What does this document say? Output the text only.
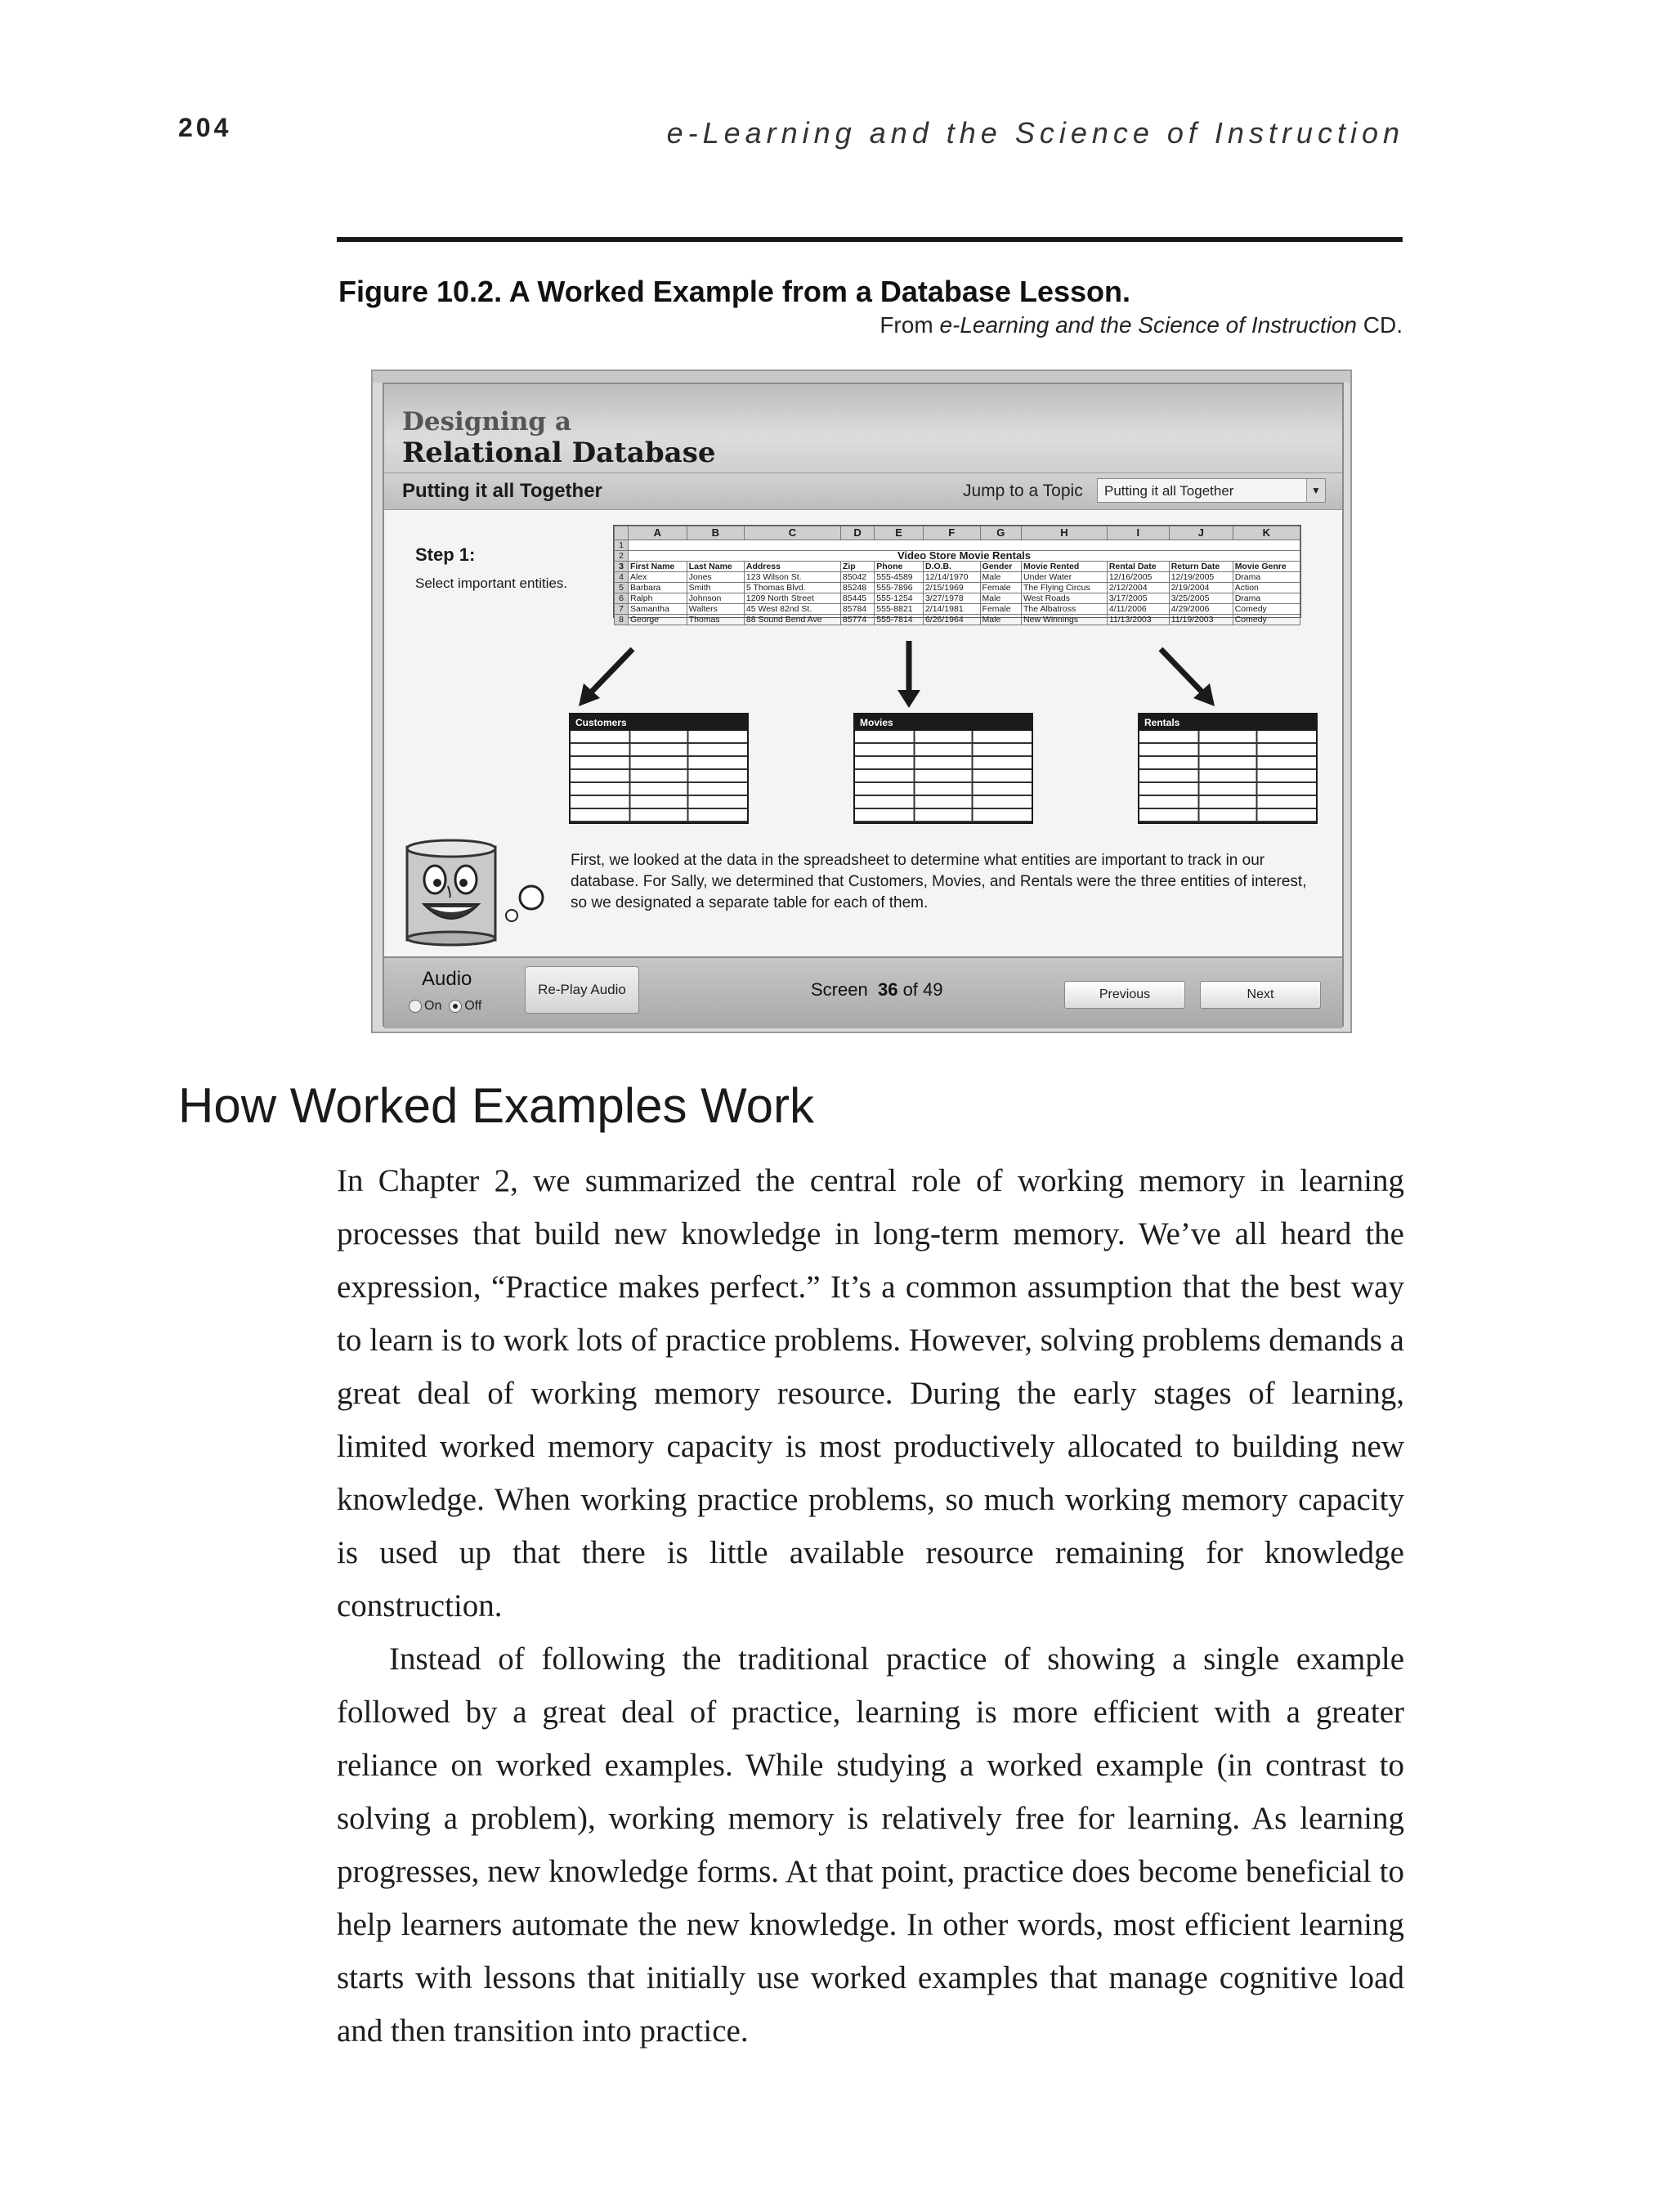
204	e-Learning and the Science of Instruction
Figure 10.2. A Worked Example from a Database Lesson.
From e-Learning and the Science of Instruction CD.
Designing a
Relational Database
Putting it all Together	Jump to a Topic	Putting it all Together	▼
Step 1:
Select important entities.
	A	B	C	D	E	F	G	H	I	J	K
1											
2	Video Store Movie Rentals										
3	First Name	Last Name	Address	Zip	Phone	D.O.B.	Gender	Movie Rented	Rental Date	Return Date	Movie Genre
4	Alex	Jones	123 Wilson St.	85042	555-4589	12/14/1970	Male	Under Water	12/16/2005	12/19/2005	Drama
5	Barbara	Smith	5 Thomas Blvd.	85248	555-7896	2/15/1969	Female	The Flying Circus	2/12/2004	2/19/2004	Action
6	Ralph	Johnson	1209 North Street	85445	555-1254	3/27/1978	Male	West Roads	3/17/2005	3/25/2005	Drama
7	Samantha	Walters	45 West 82nd St.	85784	555-8821	2/14/1981	Female	The Albatross	4/11/2006	4/29/2006	Comedy
8	George	Thomas	88 Sound Bend Ave	85774	555-7814	6/26/1964	Male	New Winnings	11/13/2003	11/19/2003	Comedy
Customers	Movies	Rentals
First, we looked at the data in the spreadsheet to determine what entities are important to track in our database. For Sally, we determined that Customers, Movies, and Rentals were the three entities of interest, so we designated a separate table for each of them.
Audio
On Off
Re-Play Audio	Screen 36 of 49	Previous	Next
How Worked Examples Work

In Chapter 2, we summarized the central role of working memory in learning processes that build new knowledge in long-term memory. We’ve all heard the expression, “Practice makes perfect.” It’s a common assumption that the best way to learn is to work lots of practice problems. However, solving problems demands a great deal of working memory resource. During the early stages of learning, limited worked memory capacity is most productively allocated to building new knowledge. When working practice problems, so much working memory capacity is used up that there is little available resource remaining for knowledge construction.

Instead of following the traditional practice of showing a single example followed by a great deal of practice, learning is more efficient with a greater reliance on worked examples. While studying a worked example (in contrast to solving a problem), working memory is relatively free for learning. As learning progresses, new knowledge forms. At that point, practice does become beneficial to help learners automate the new knowledge. In other words, most efficient learning starts with lessons that initially use worked examples that manage cognitive load and then transition into practice.
